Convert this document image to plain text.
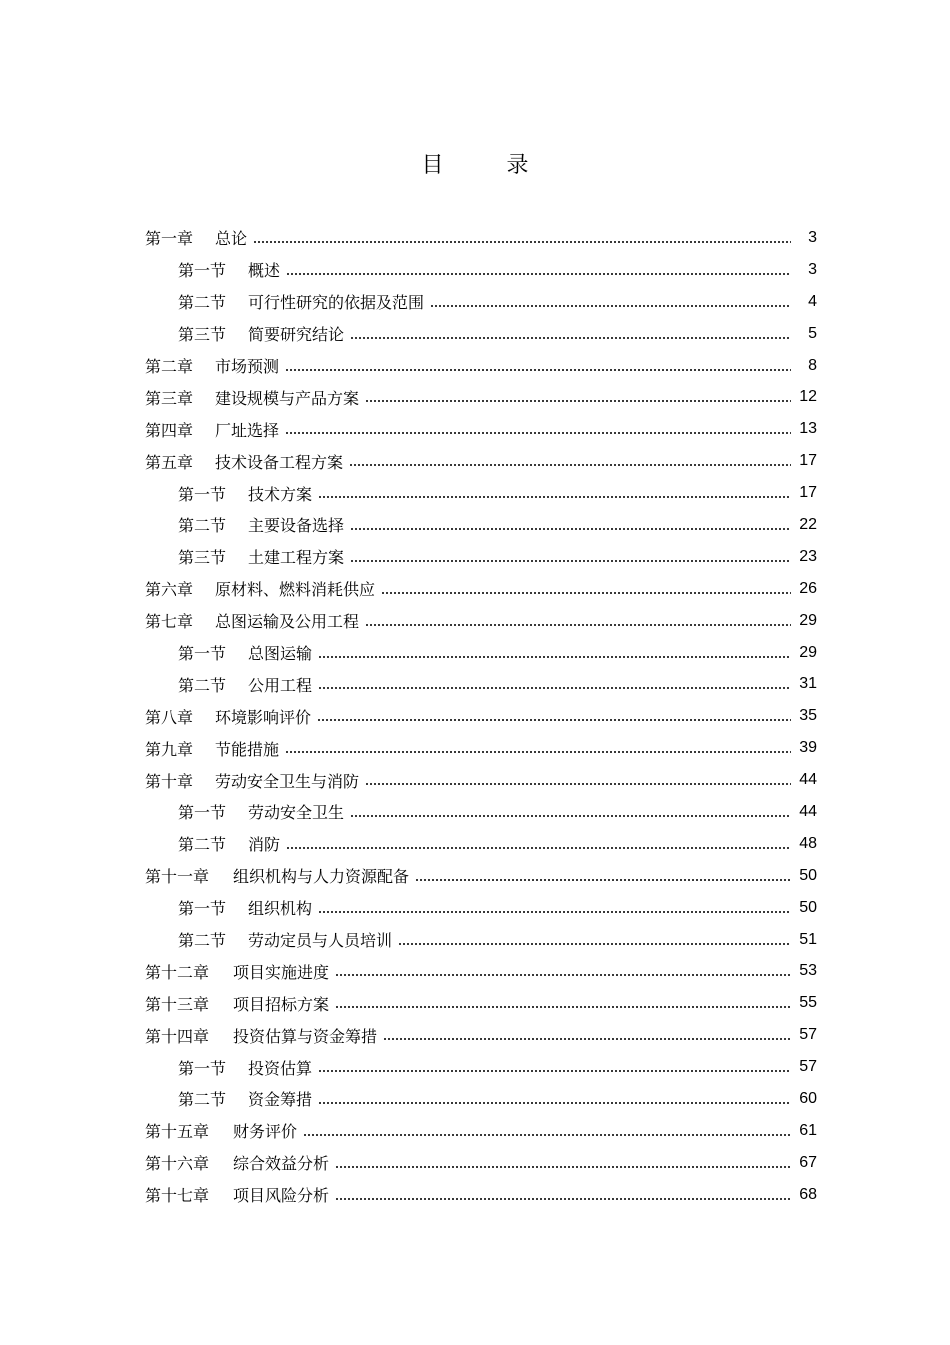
目 录
第一章 总论	3
第一节 概述	3
第二节 可行性研究的依据及范围	4
第三节 简要研究结论	5
第二章 市场预测	8
第三章 建设规模与产品方案	12
第四章 厂址选择	13
第五章 技术设备工程方案	17
第一节 技术方案	17
第二节 主要设备选择	22
第三节 土建工程方案	23
第六章 原材料、燃料消耗供应	26
第七章 总图运输及公用工程	29
第一节 总图运输	29
第二节 公用工程	31
第八章 环境影响评价	35
第九章 节能措施	39
第十章 劳动安全卫生与消防	44
第一节 劳动安全卫生	44
第二节 消防	48
第十一章 组织机构与人力资源配备	50
第一节 组织机构	50
第二节 劳动定员与人员培训	51
第十二章 项目实施进度	53
第十三章 项目招标方案	55
第十四章 投资估算与资金筹措	57
第一节 投资估算	57
第二节 资金筹措	60
第十五章 财务评价	61
第十六章 综合效益分析	67
第十七章 项目风险分析	68
